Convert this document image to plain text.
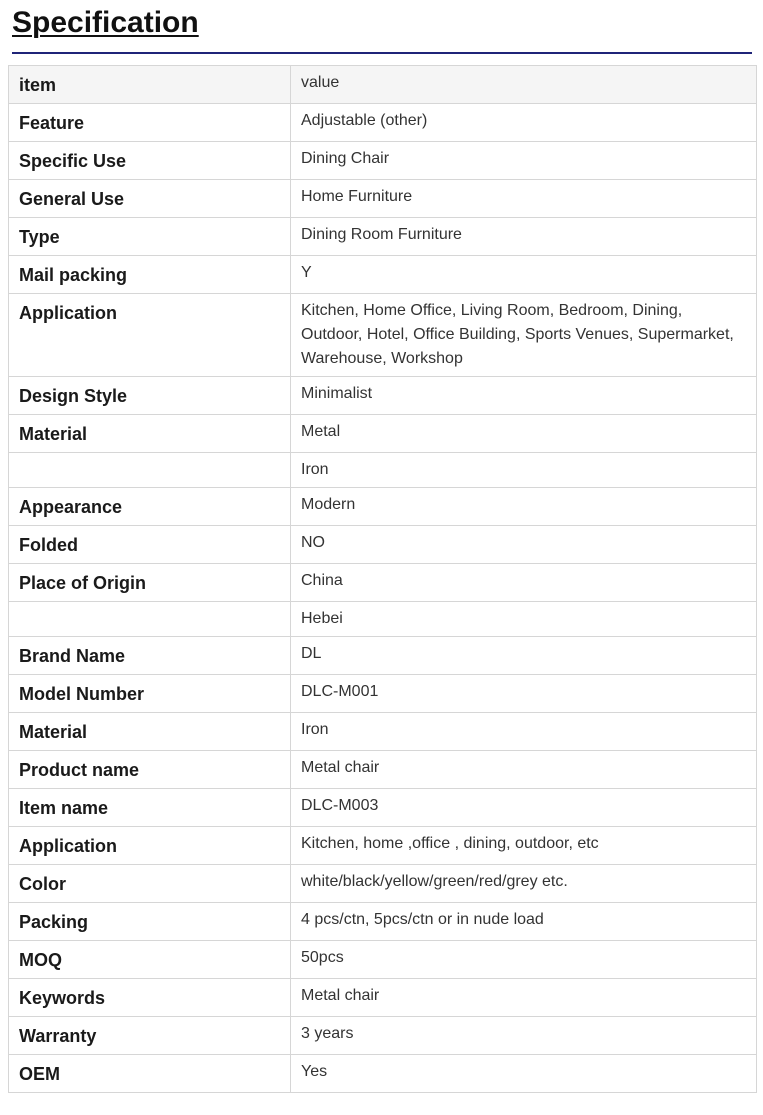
Specification
item	value
Feature	Adjustable (other)
Specific Use	Dining Chair
General Use	Home Furniture
Type	Dining Room Furniture
Mail packing	Y
Application	Kitchen, Home Office, Living Room, Bedroom, Dining, Outdoor, Hotel, Office Building, Sports Venues, Supermarket, Warehouse, Workshop
Design Style	Minimalist
Material	Metal
	Iron
Appearance	Modern
Folded	NO
Place of Origin	China
	Hebei
Brand Name	DL
Model Number	DLC-M001
Material	Iron
Product name	Metal chair
Item name	DLC-M003
Application	Kitchen, home ,office , dining, outdoor, etc
Color	white/black/yellow/green/red/grey etc.
Packing	4 pcs/ctn, 5pcs/ctn or in nude load
MOQ	50pcs
Keywords	Metal chair
Warranty	3 years
OEM	Yes
